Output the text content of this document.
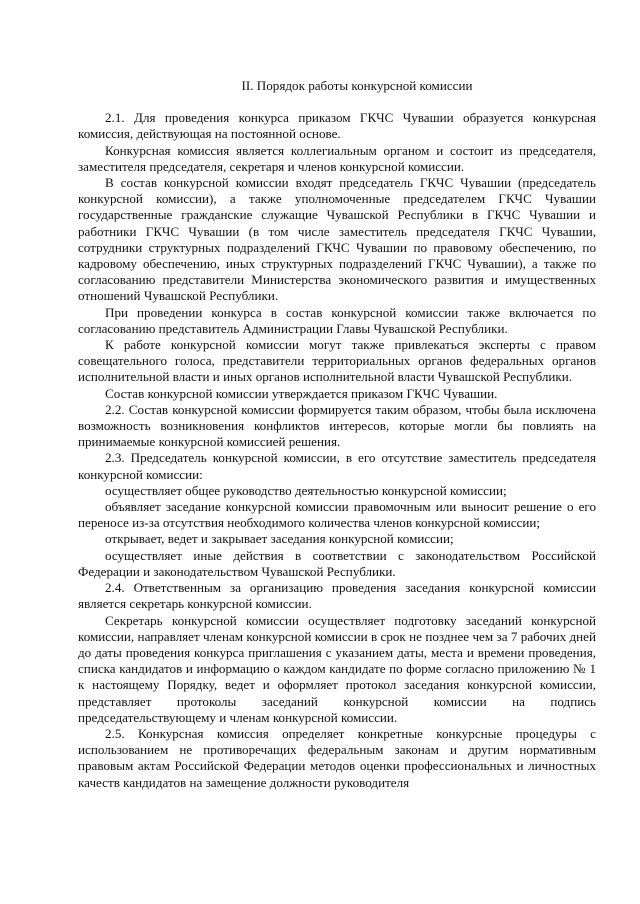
II. Порядок работы конкурсной комиссии

2.1. Для проведения конкурса приказом ГКЧС Чувашии образуется конкурсная комиссия, действующая на постоянной основе.

Конкурсная комиссия является коллегиальным органом и состоит из председателя, заместителя председателя, секретаря и членов конкурсной комиссии.

В состав конкурсной комиссии входят председатель ГКЧС Чувашии (председатель конкурсной комиссии), а также уполномоченные председателем ГКЧС Чувашии государственные гражданские служащие Чувашской Республики в ГКЧС Чувашии и работники ГКЧС Чувашии (в том числе заместитель председателя ГКЧС Чувашии, сотрудники структурных подразделений ГКЧС Чувашии по правовому обеспечению, по кадровому обеспечению, иных структурных подразделений ГКЧС Чувашии), а также по согласованию представители Министерства экономического развития и имущественных отношений Чувашской Республики.

При проведении конкурса в состав конкурсной комиссии также включается по согласованию представитель Администрации Главы Чувашской Республики.

К работе конкурсной комиссии могут также привлекаться эксперты с правом совещательного голоса, представители территориальных органов федеральных органов исполнительной власти и иных органов исполнительной власти Чувашской Республики.

Состав конкурсной комиссии утверждается приказом ГКЧС Чувашии.

2.2. Состав конкурсной комиссии формируется таким образом, чтобы была исключена возможность возникновения конфликтов интересов, которые могли бы повлиять на принимаемые конкурсной комиссией решения.

2.3. Председатель конкурсной комиссии, в его отсутствие заместитель председателя конкурсной комиссии:

осуществляет общее руководство деятельностью конкурсной комиссии;

объявляет заседание конкурсной комиссии правомочным или выносит решение о его переносе из-за отсутствия необходимого количества членов конкурсной комиссии;

открывает, ведет и закрывает заседания конкурсной комиссии;

осуществляет иные действия в соответствии с законодательством Российской Федерации и законодательством Чувашской Республики.

2.4. Ответственным за организацию проведения заседания конкурсной комиссии является секретарь конкурсной комиссии.

Секретарь конкурсной комиссии осуществляет подготовку заседаний конкурсной комиссии, направляет членам конкурсной комиссии в срок не позднее чем за 7 рабочих дней до даты проведения конкурса приглашения с указанием даты, места и времени проведения, списка кандидатов и информацию о каждом кандидате по форме согласно приложению № 1 к настоящему Порядку, ведет и оформляет протокол заседания конкурсной комиссии, представляет протоколы заседаний конкурсной комиссии на подпись председательствующему и членам конкурсной комиссии.

2.5. Конкурсная комиссия определяет конкретные конкурсные процедуры с использованием не противоречащих федеральным законам и другим нормативным правовым актам Российской Федерации методов оценки профессиональных и личностных качеств кандидатов на замещение должности руководителя
